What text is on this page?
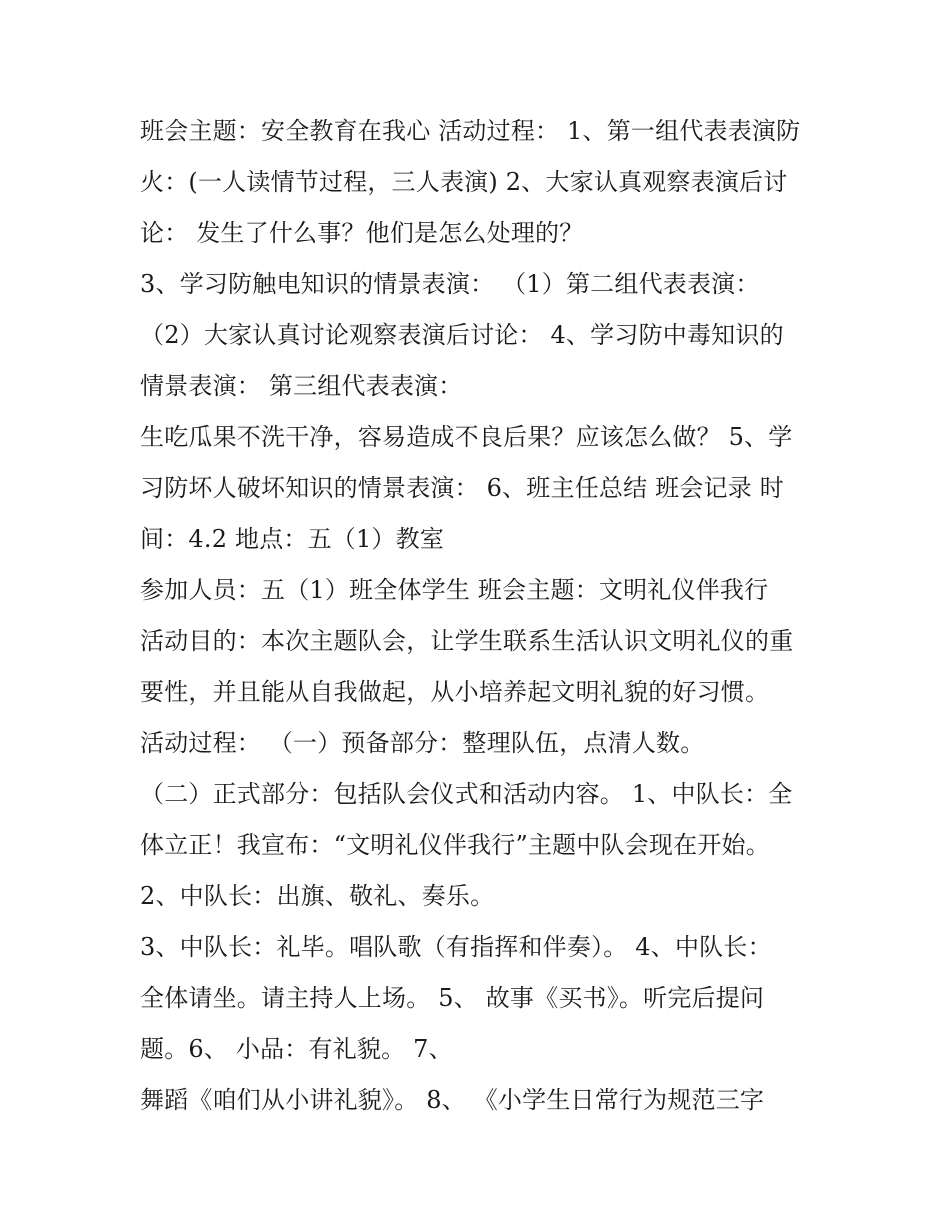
班会主题：安全教育在我心 活动过程： 1、第一组代表表演防
火：(一人读情节过程，三人表演) 2、大家认真观察表演后讨
论： 发生了什么事？他们是怎么处理的？
3、学习防触电知识的情景表演： （1）第二组代表表演：
（2）大家认真讨论观察表演后讨论： 4、学习防中毒知识的
情景表演： 第三组代表表演：
生吃瓜果不洗干净，容易造成不良后果？应该怎么做？ 5、学
习防坏人破坏知识的情景表演： 6、班主任总结 班会记录 时
间：4.2 地点：五（1）教室
参加人员：五（1）班全体学生 班会主题：文明礼仪伴我行
活动目的：本次主题队会，让学生联系生活认识文明礼仪的重
要性，并且能从自我做起，从小培养起文明礼貌的好习惯。
活动过程： （一）预备部分：整理队伍，点清人数。
（二）正式部分：包括队会仪式和活动内容。 1、中队长：全
体立正！我宣布：“文明礼仪伴我行”主题中队会现在开始。
2、中队长：出旗、敬礼、奏乐。
3、中队长：礼毕。唱队歌（有指挥和伴奏）。 4、中队长：
全体请坐。请主持人上场。 5、 故事《买书》。听完后提问
题。6、 小品：有礼貌。 7、
舞蹈《咱们从小讲礼貌》。 8、 《小学生日常行为规范三字
